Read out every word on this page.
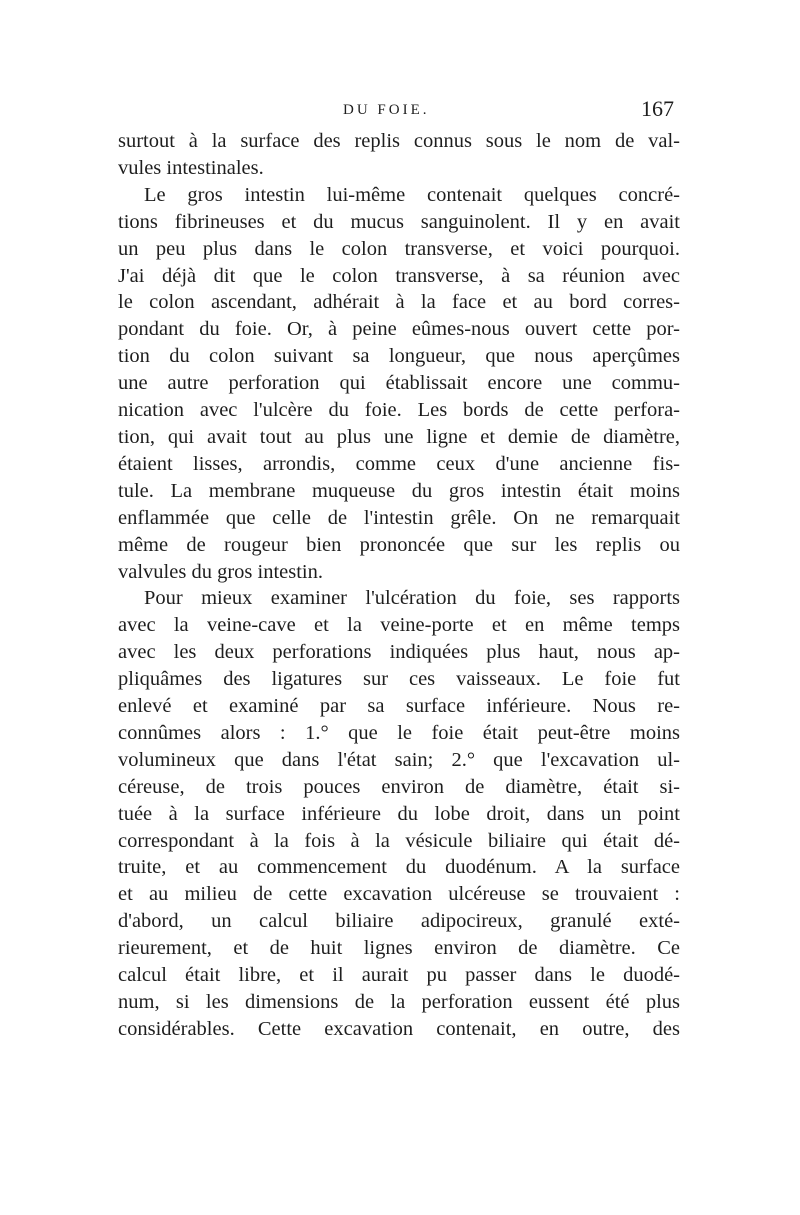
DU FOIE.	167
surtout à la surface des replis connus sous le nom de val-
vules intestinales.
Le gros intestin lui-même contenait quelques concré-
tions fibrineuses et du mucus sanguinolent. Il y en avait
un peu plus dans le colon transverse, et voici pourquoi.
J'ai déjà dit que le colon transverse, à sa réunion avec
le colon ascendant, adhérait à la face et au bord corres-
pondant du foie. Or, à peine eûmes-nous ouvert cette por-
tion du colon suivant sa longueur, que nous aperçûmes
une autre perforation qui établissait encore une commu-
nication avec l'ulcère du foie. Les bords de cette perfora-
tion, qui avait tout au plus une ligne et demie de diamètre,
étaient lisses, arrondis, comme ceux d'une ancienne fis-
tule. La membrane muqueuse du gros intestin était moins
enflammée que celle de l'intestin grêle. On ne remarquait
même de rougeur bien prononcée que sur les replis ou
valvules du gros intestin.
Pour mieux examiner l'ulcération du foie, ses rapports
avec la veine-cave et la veine-porte et en même temps
avec les deux perforations indiquées plus haut, nous ap-
pliquâmes des ligatures sur ces vaisseaux. Le foie fut
enlevé et examiné par sa surface inférieure. Nous re-
connûmes alors : 1.° que le foie était peut-être moins
volumineux que dans l'état sain; 2.° que l'excavation ul-
céreuse, de trois pouces environ de diamètre, était si-
tuée à la surface inférieure du lobe droit, dans un point
correspondant à la fois à la vésicule biliaire qui était dé-
truite, et au commencement du duodénum. A la surface
et au milieu de cette excavation ulcéreuse se trouvaient :
d'abord, un calcul biliaire adipocireux, granulé exté-
rieurement, et de huit lignes environ de diamètre. Ce
calcul était libre, et il aurait pu passer dans le duodé-
num, si les dimensions de la perforation eussent été plus
considérables. Cette excavation contenait, en outre, des
